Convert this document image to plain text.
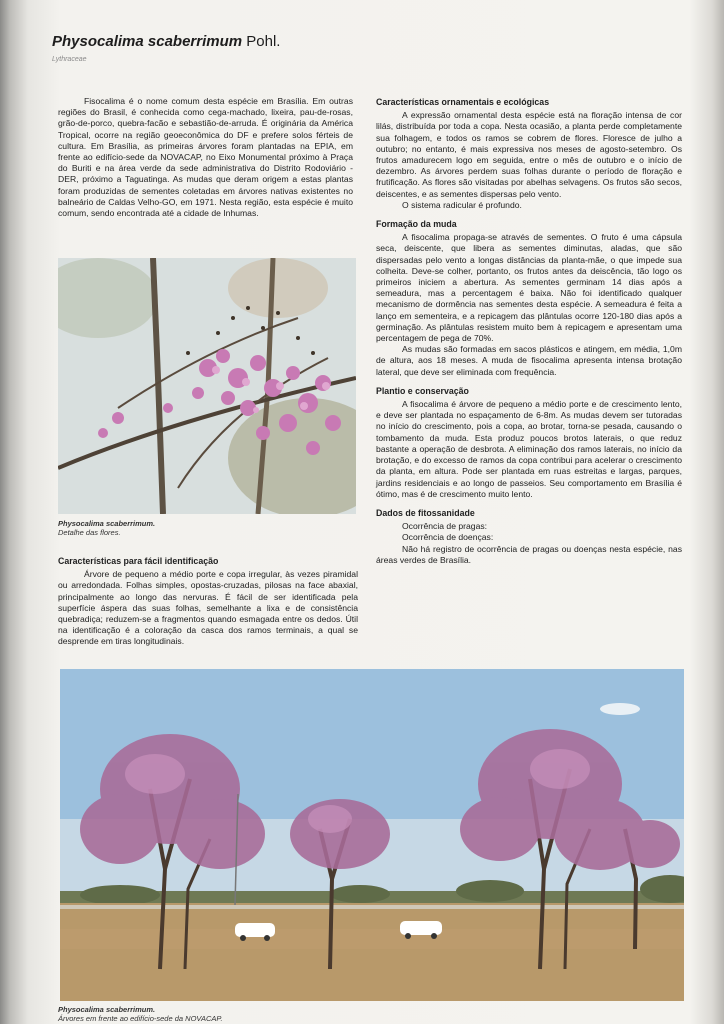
Physocalima scaberrimum Pohl.
Lythraceae

Fisocalima é o nome comum desta espécie em Brasília. Em outras regiões do Brasil, é conhecida como cega-machado, lixeira, pau-de-rosas, grão-de-porco, quebra-facão e sebastião-de-arruda. É originária da América Tropical, ocorre na região geoeconômica do DF e prefere solos férteis de cultura. Em Brasília, as primeiras árvores foram plantadas na EPIA, em frente ao edifício-sede da NOVACAP, no Eixo Monumental próximo à Praça do Buriti e na área verde da sede administrativa do Distrito Rodoviário - DER, próximo a Taguatinga. As mudas que deram origem a estas plantas foram produzidas de sementes coletadas em árvores nativas existentes no balneário de Caldas Velho-GO, em 1971. Nesta região, esta espécie é muito comum, sendo encontrada até a cidade de Inhumas.

Physocalima scaberrimum.
Detalhe das flores.
Características para fácil identificação

Árvore de pequeno a médio porte e copa irregular, às vezes piramidal ou arredondada. Folhas simples, opostas-cruzadas, pilosas na face abaxial, principalmente ao longo das nervuras. É fácil de ser identificada pela superfície áspera das suas folhas, semelhante a lixa e de consistência quebradiça; reduzem-se a fragmentos quando esmagada entre os dedos. Útil na identificação é a coloração da casca dos ramos terminais, a qual se desprende em tiras longitudinais.

Características ornamentais e ecológicas

A expressão ornamental desta espécie está na floração intensa de cor lilás, distribuída por toda a copa. Nesta ocasião, a planta perde completamente sua folhagem, e todos os ramos se cobrem de flores. Floresce de julho a outubro; no entanto, é mais expressiva nos meses de agosto-setembro. Os frutos amadurecem logo em seguida, entre o mês de outubro e o início de dezembro. As árvores perdem suas folhas durante o período de floração e frutificação. As flores são visitadas por abelhas selvagens. Os frutos são secos, deiscentes, e as sementes dispersas pelo vento.

O sistema radicular é profundo.

Formação da muda

A fisocalima propaga-se através de sementes. O fruto é uma cápsula seca, deiscente, que libera as sementes diminutas, aladas, que são dispersadas pelo vento a longas distâncias da planta-mãe, o que impede sua colheita. Deve-se colher, portanto, os frutos antes da deiscência, tão logo os primeiros iniciem a abertura. As sementes germinam 14 dias após a semeadura, mas a percentagem é baixa. Não foi identificado qualquer mecanismo de dormência nas sementes desta espécie. A semeadura é feita a lanço em sementeira, e a repicagem das plântulas ocorre 120-180 dias após a germinação. As plântulas resistem muito bem à repicagem e apresentam uma percentagem de pega de 70%.

As mudas são formadas em sacos plásticos e atingem, em média, 1,0m de altura, aos 18 meses. A muda de fisocalima apresenta intensa brotação lateral, que deve ser eliminada com frequência.

Plantio e conservação

A fisocalima é árvore de pequeno a médio porte e de crescimento lento, e deve ser plantada no espaçamento de 6-8m. As mudas devem ser tutoradas no início do crescimento, pois a copa, ao brotar, torna-se pesada, causando o tombamento da muda. Esta produz poucos brotos laterais, o que reduz bastante a operação de desbrota. A eliminação dos ramos laterais, no início da brotação, e do excesso de ramos da copa contribui para acelerar o crescimento da planta, em altura. Pode ser plantada em ruas estreitas e largas, parques, jardins residenciais e ao longo de passeios. Seu comportamento em Brasília é ótimo, mas é de crescimento muito lento.

Dados de fitossanidade

Ocorrência de pragas:

Ocorrência de doenças:

Não há registro de ocorrência de pragas ou doenças nesta espécie, nas áreas verdes de Brasília.

Physocalima scaberrimum.
Árvores em frente ao edifício-sede da NOVACAP.
